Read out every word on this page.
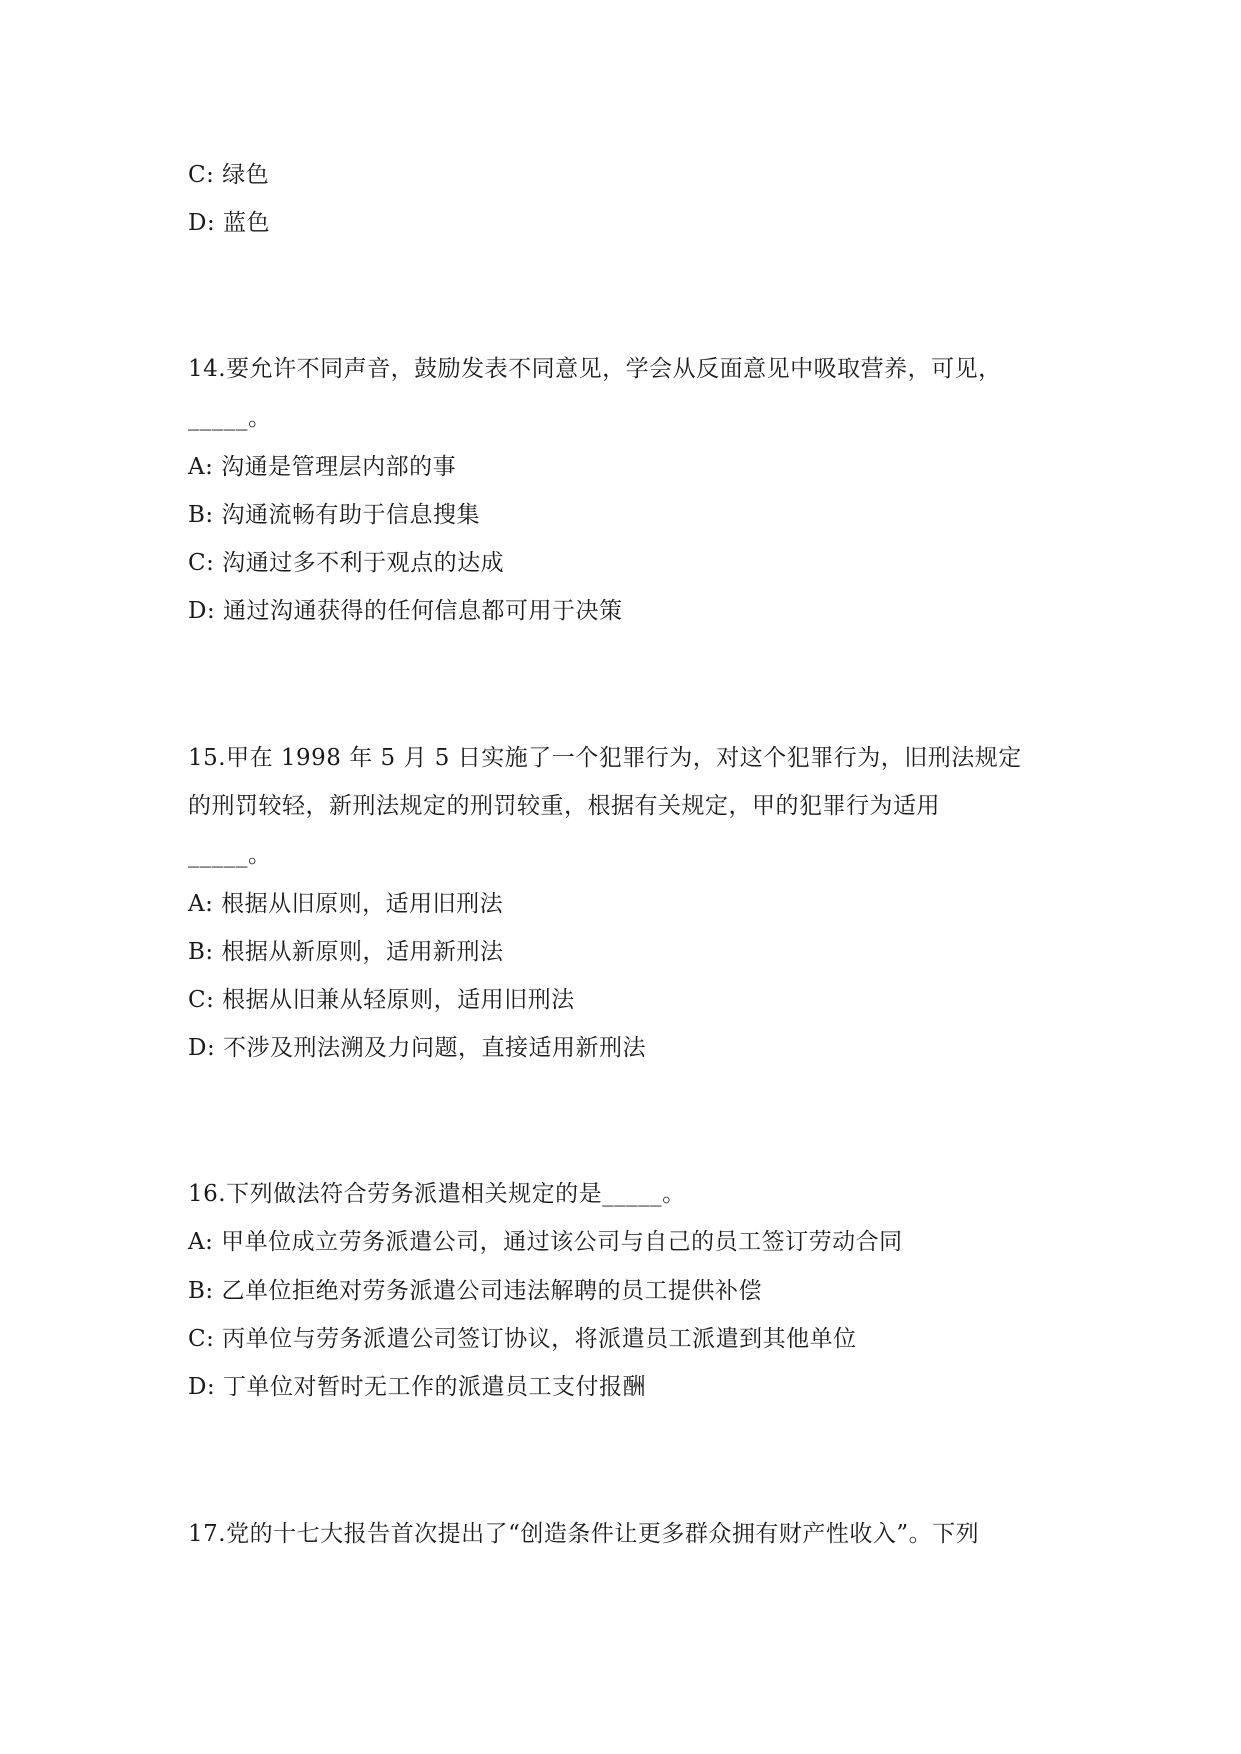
C: 绿色
D: 蓝色
14.要允许不同声音，鼓励发表不同意见，学会从反面意见中吸取营养，可见，
_____。
A: 沟通是管理层内部的事
B: 沟通流畅有助于信息搜集
C: 沟通过多不利于观点的达成
D: 通过沟通获得的任何信息都可用于决策
15.甲在 1998 年 5 月 5 日实施了一个犯罪行为，对这个犯罪行为，旧刑法规定
的刑罚较轻，新刑法规定的刑罚较重，根据有关规定，甲的犯罪行为适用
_____。
A: 根据从旧原则，适用旧刑法
B: 根据从新原则，适用新刑法
C: 根据从旧兼从轻原则，适用旧刑法
D: 不涉及刑法溯及力问题，直接适用新刑法
16.下列做法符合劳务派遣相关规定的是_____。
A: 甲单位成立劳务派遣公司，通过该公司与自己的员工签订劳动合同
B: 乙单位拒绝对劳务派遣公司违法解聘的员工提供补偿
C: 丙单位与劳务派遣公司签订协议，将派遣员工派遣到其他单位
D: 丁单位对暂时无工作的派遣员工支付报酬
17.党的十七大报告首次提出了“创造条件让更多群众拥有财产性收入”。下列
